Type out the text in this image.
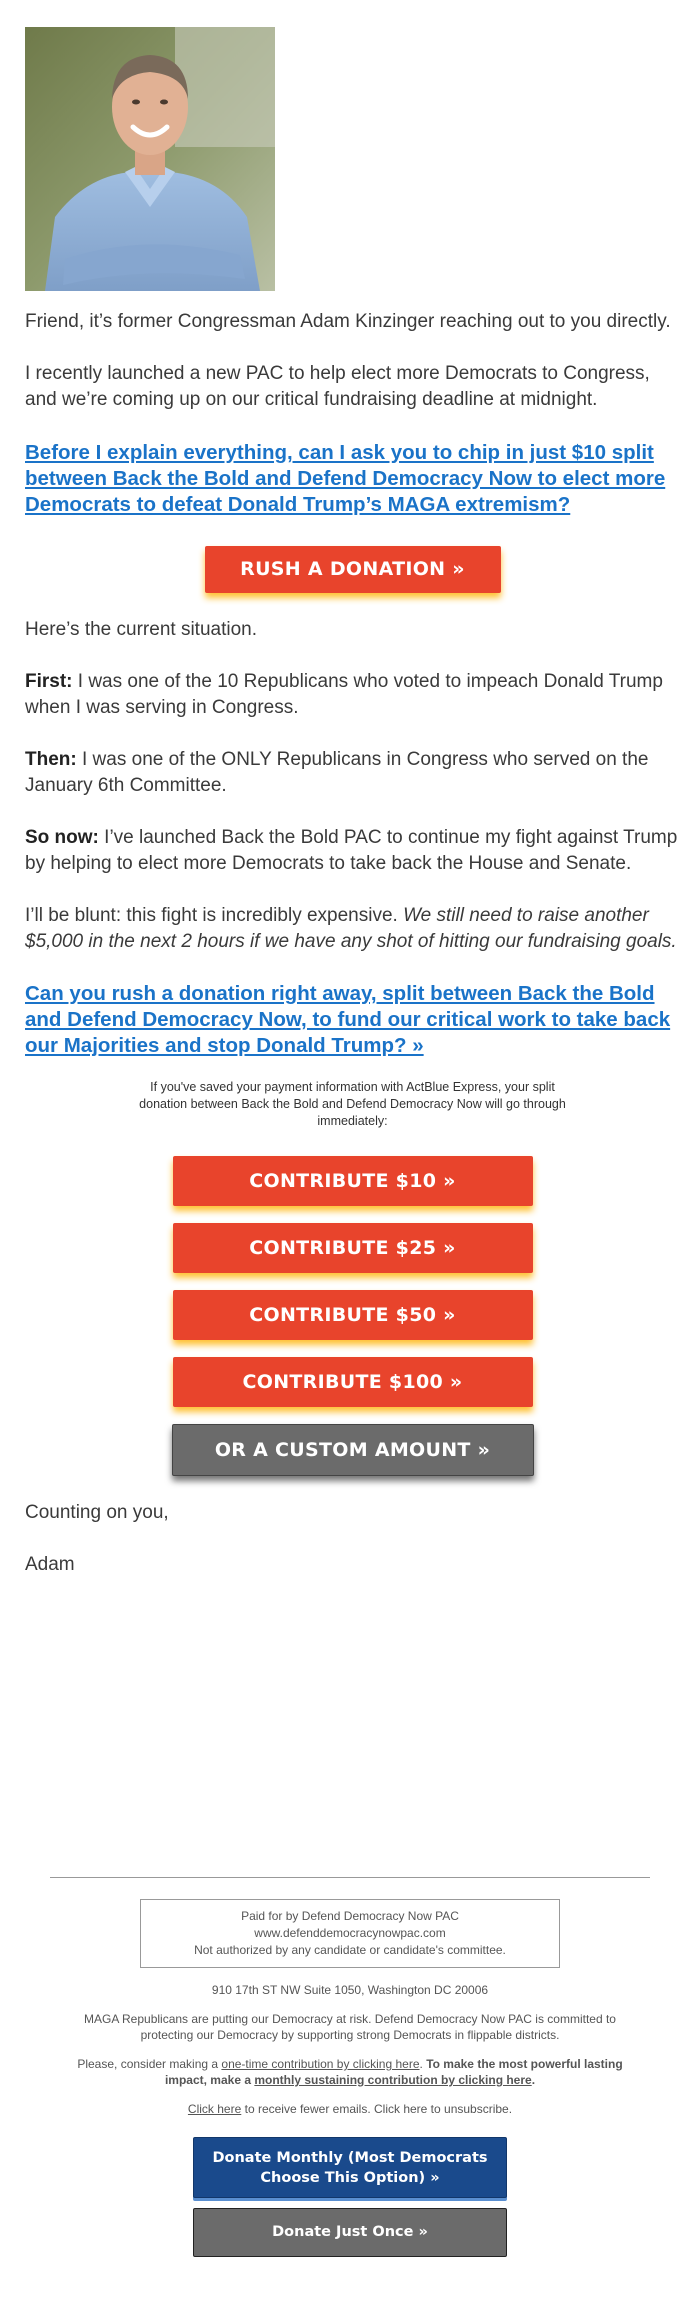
Friend, it’s former Congressman Adam Kinzinger reaching out to you directly.

I recently launched a new PAC to help elect more Democrats to Congress, and we’re coming up on our critical fundraising deadline at midnight.

Before I explain everything, can I ask you to chip in just $10 split between Back the Bold and Defend Democracy Now to elect more Democrats to defeat Donald Trump’s MAGA extremism?
RUSH A DONATION »

Here’s the current situation.

First: I was one of the 10 Republicans who voted to impeach Donald Trump when I was serving in Congress.

Then: I was one of the ONLY Republicans in Congress who served on the January 6th Committee.

So now: I’ve launched Back the Bold PAC to continue my fight against Trump by helping to elect more Democrats to take back the House and Senate.

I’ll be blunt: this fight is incredibly expensive. We still need to raise another $5,000 in the next 2 hours if we have any shot of hitting our fundraising goals.

Can you rush a donation right away, split between Back the Bold and Defend Democracy Now, to fund our critical work to take back our Majorities and stop Donald Trump? »
If you've saved your payment information with ActBlue Express, your split donation between Back the Bold and Defend Democracy Now will go through immediately:
CONTRIBUTE $10 »
CONTRIBUTE $25 »
CONTRIBUTE $50 »
CONTRIBUTE $100 »
OR A CUSTOM AMOUNT »

Counting on you,

Adam

Paid for by Defend Democracy Now PAC
www.defenddemocracynowpac.com
Not authorized by any candidate or candidate's committee.
910 17th ST NW Suite 1050, Washington DC 20006
MAGA Republicans are putting our Democracy at risk. Defend Democracy Now PAC is committed to protecting our Democracy by supporting strong Democrats in flippable districts.
Please, consider making a one-time contribution by clicking here. To make the most powerful lasting impact, make a monthly sustaining contribution by clicking here.
Click here to receive fewer emails. Click here to unsubscribe.
Donate Monthly (Most Democrats Choose This Option) »
Donate Just Once »
